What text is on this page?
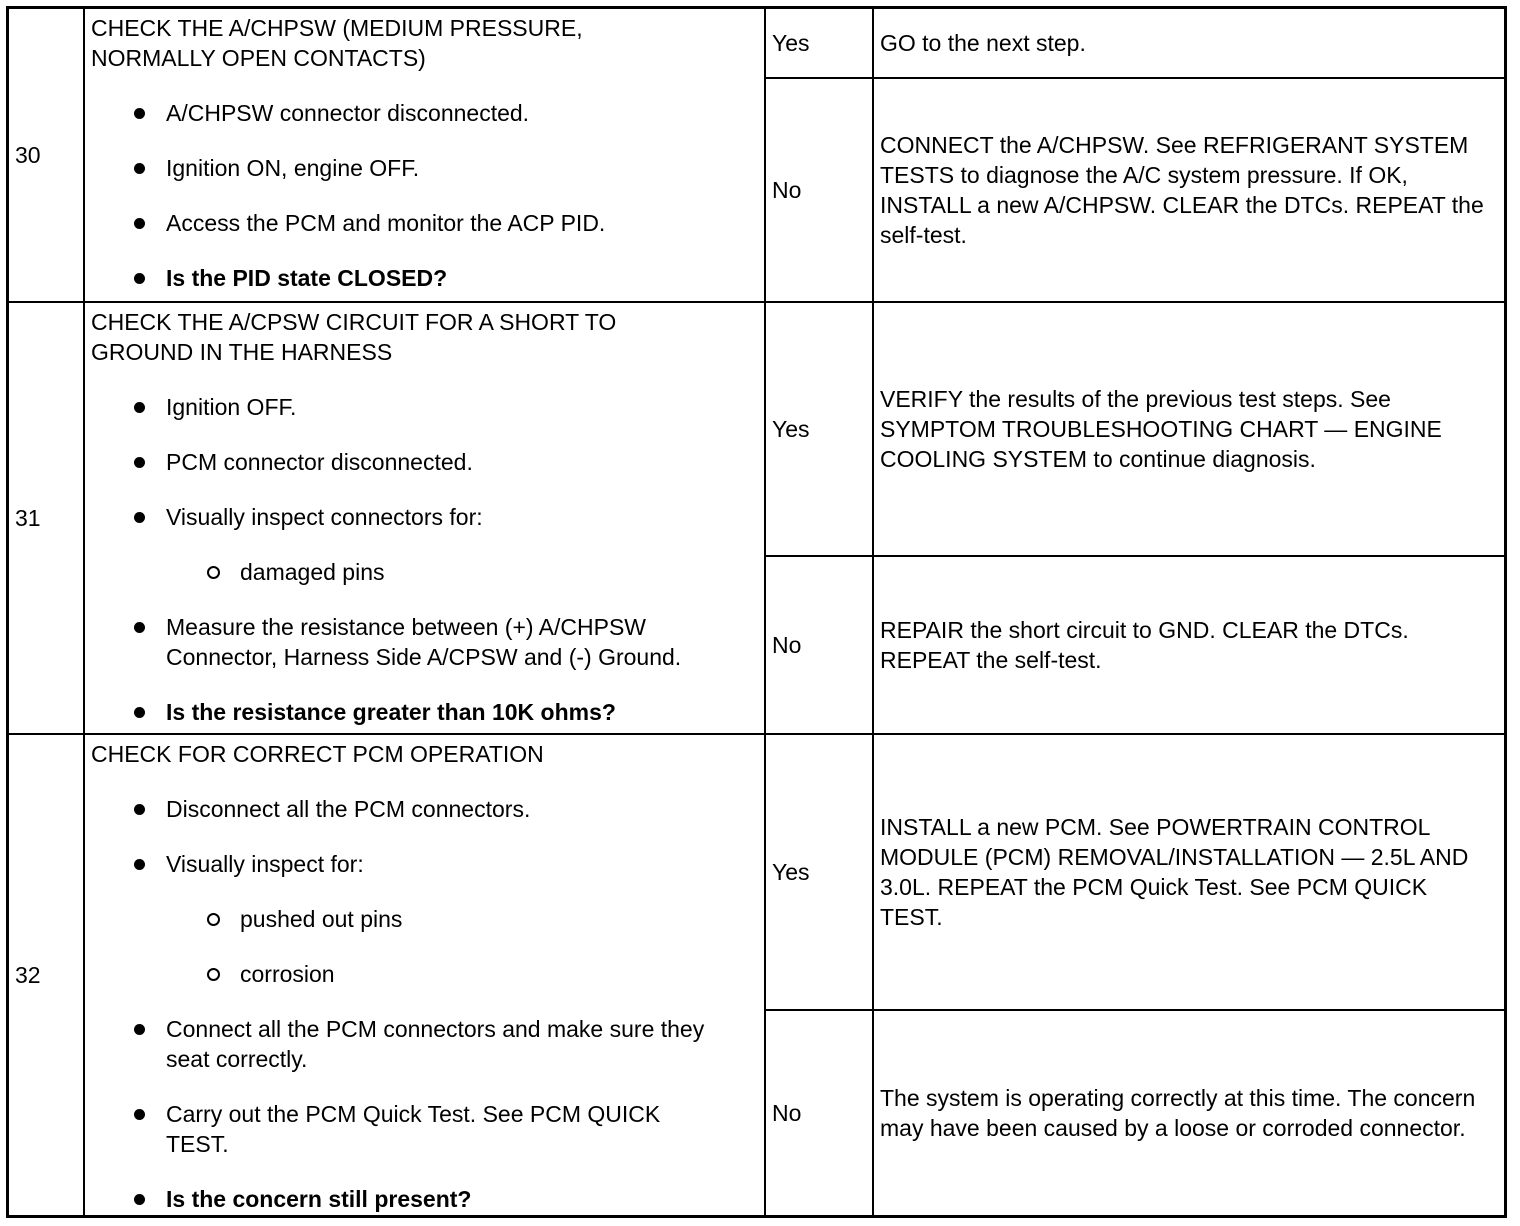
30
CHECK THE A/CHPSW (MEDIUM PRESSURE, NORMALLY OPEN CONTACTS)
A/CHPSW connector disconnected.
Ignition ON, engine OFF.
Access the PCM and monitor the ACP PID.
Is the PID state CLOSED?
Yes
No
GO to the next step.
CONNECT the A/CHPSW. See REFRIGERANT SYSTEM TESTS to diagnose the A/C system pressure. If OK, INSTALL a new A/CHPSW. CLEAR the DTCs. REPEAT the self-test.
31
CHECK THE A/CPSW CIRCUIT FOR A SHORT TO GROUND IN THE HARNESS
Ignition OFF.
PCM connector disconnected.
Visually inspect connectors for:
damaged pins
Measure the resistance between (+) A/CHPSW Connector, Harness Side A/CPSW and (-) Ground.
Is the resistance greater than 10K ohms?
Yes
No
VERIFY the results of the previous test steps. See SYMPTOM TROUBLESHOOTING CHART — ENGINE COOLING SYSTEM to continue diagnosis.
REPAIR the short circuit to GND. CLEAR the DTCs. REPEAT the self-test.
32
CHECK FOR CORRECT PCM OPERATION
Disconnect all the PCM connectors.
Visually inspect for:
pushed out pins
corrosion
Connect all the PCM connectors and make sure they seat correctly.
Carry out the PCM Quick Test. See PCM QUICK TEST.
Is the concern still present?
Yes
No
INSTALL a new PCM. See POWERTRAIN CONTROL MODULE (PCM) REMOVAL/INSTALLATION — 2.5L AND 3.0L. REPEAT the PCM Quick Test. See PCM QUICK TEST.
The system is operating correctly at this time. The concern may have been caused by a loose or corroded connector.
